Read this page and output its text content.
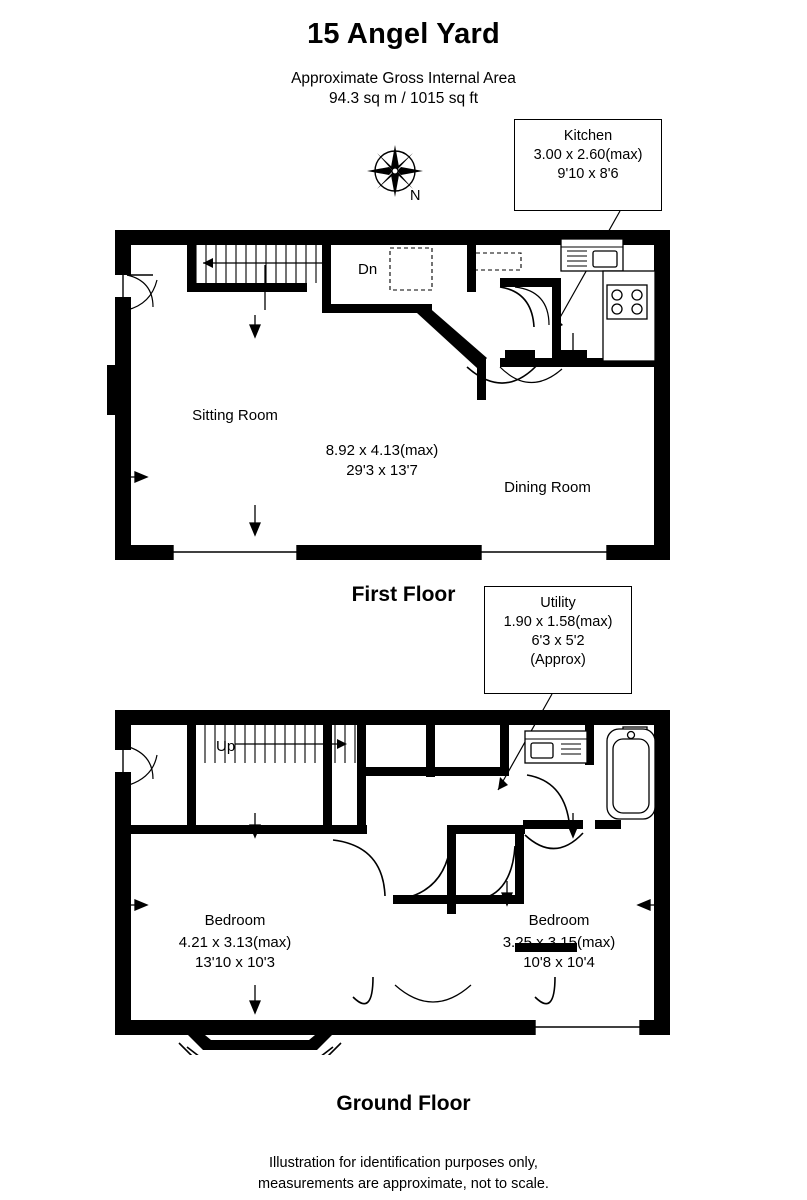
15 Angel Yard
Approximate Gross Internal Area
94.3 sq m / 1015 sq ft
N
Kitchen
3.00 x 2.60(max)
9'10 x 8'6
Utility
1.90 x 1.58(max)
6'3 x 5'2
(Approx)
Sitting Room
8.92 x 4.13(max)
29'3 x 13'7
Dining Room
Dn
First Floor
Up
Bedroom
4.21 x 3.13(max)
13'10 x 10'3
Bedroom
3.25 x 3.15(max)
10'8 x 10'4
Ground Floor
Illustration for identification purposes only,
measurements are approximate, not to scale.
